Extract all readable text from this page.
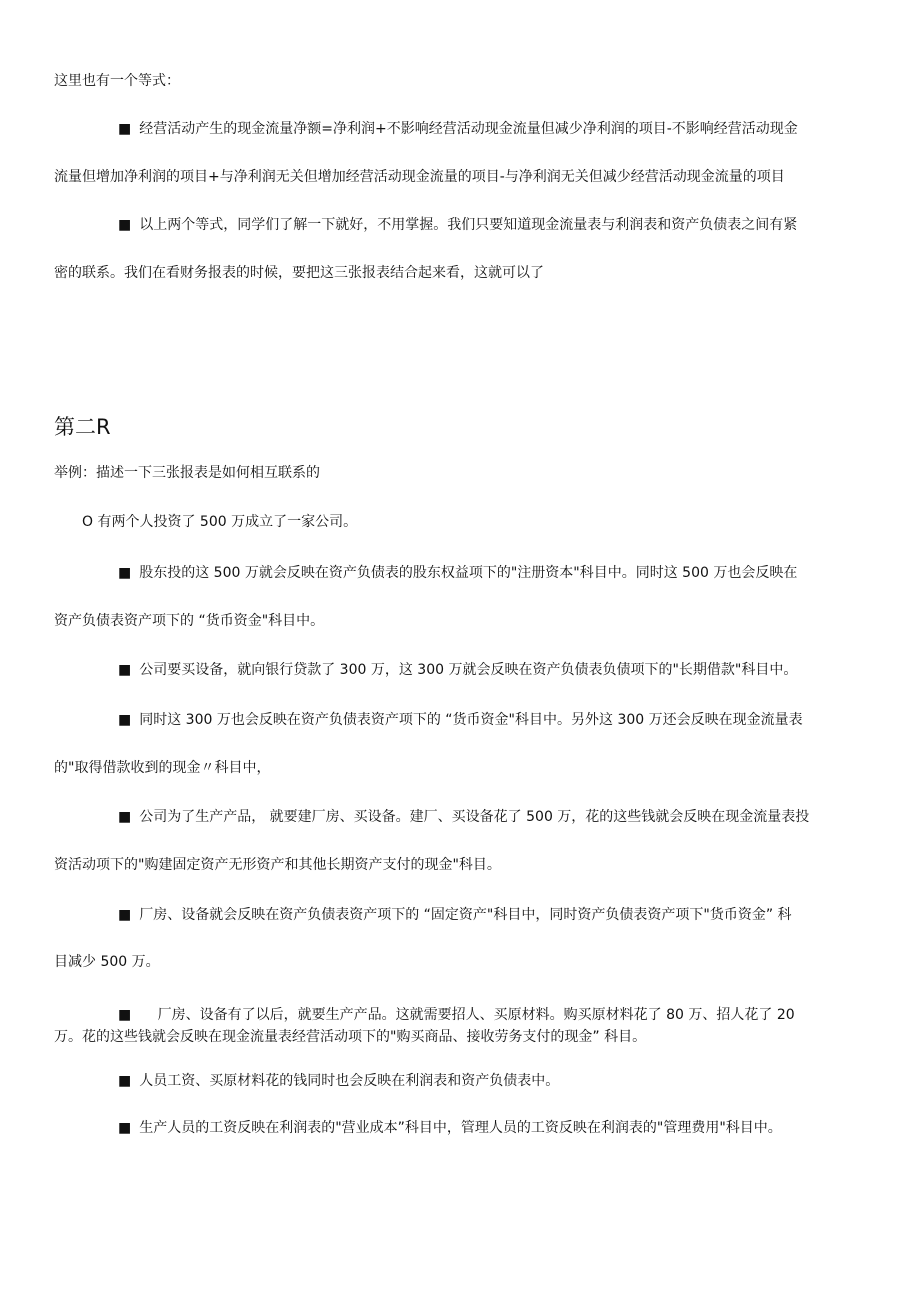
这里也有一个等式：
■ 经营活动产生的现金流量净额=净利润+不影响经营活动现金流量但减少净利润的项目-不影响经营活动现金
流量但增加净利润的项目+与净利润无关但增加经营活动现金流量的项目-与净利润无关但减少经营活动现金流量的项目
■ 以上两个等式，同学们了解一下就好，不用掌握。我们只要知道现金流量表与利润表和资产负债表之间有紧
密的联系。我们在看财务报表的时候，要把这三张报表结合起来看，这就可以了
第二R
举例：描述一下三张报表是如何相互联系的
O 有两个人投资了 500 万成立了一家公司。
■ 股东投的这 500 万就会反映在资产负债表的股东权益项下的"注册资本"科目中。同时这 500 万也会反映在
资产负债表资产项下的 “货币资金"科目中。
■ 公司要买设备，就向银行贷款了 300 万，这 300 万就会反映在资产负债表负债项下的"长期借款"科目中。
■ 同时这 300 万也会反映在资产负债表资产项下的 “货币资金"科目中。另外这 300 万还会反映在现金流量表
的"取得借款收到的现金〃科目中，
■ 公司为了生产产品， 就要建厂房、买设备。建厂、买设备花了 500 万，花的这些钱就会反映在现金流量表投
资活动项下的"购建固定资产无形资产和其他长期资产支付的现金"科目。
■ 厂房、设备就会反映在资产负债表资产项下的 “固定资产"科目中，同时资产负债表资产项下"货币资金” 科
目减少 500 万。
■　 厂房、设备有了以后，就要生产产品。这就需要招人、买原材料。购买原材料花了 80 万、招人花了 20
万。花的这些钱就会反映在现金流量表经营活动项下的"购买商品、接收劳务支付的现金” 科目。
■ 人员工资、买原材料花的钱同时也会反映在利润表和资产负债表中。
■ 生产人员的工资反映在利润表的"营业成本”科目中，管理人员的工资反映在利润表的"管理费用"科目中。
